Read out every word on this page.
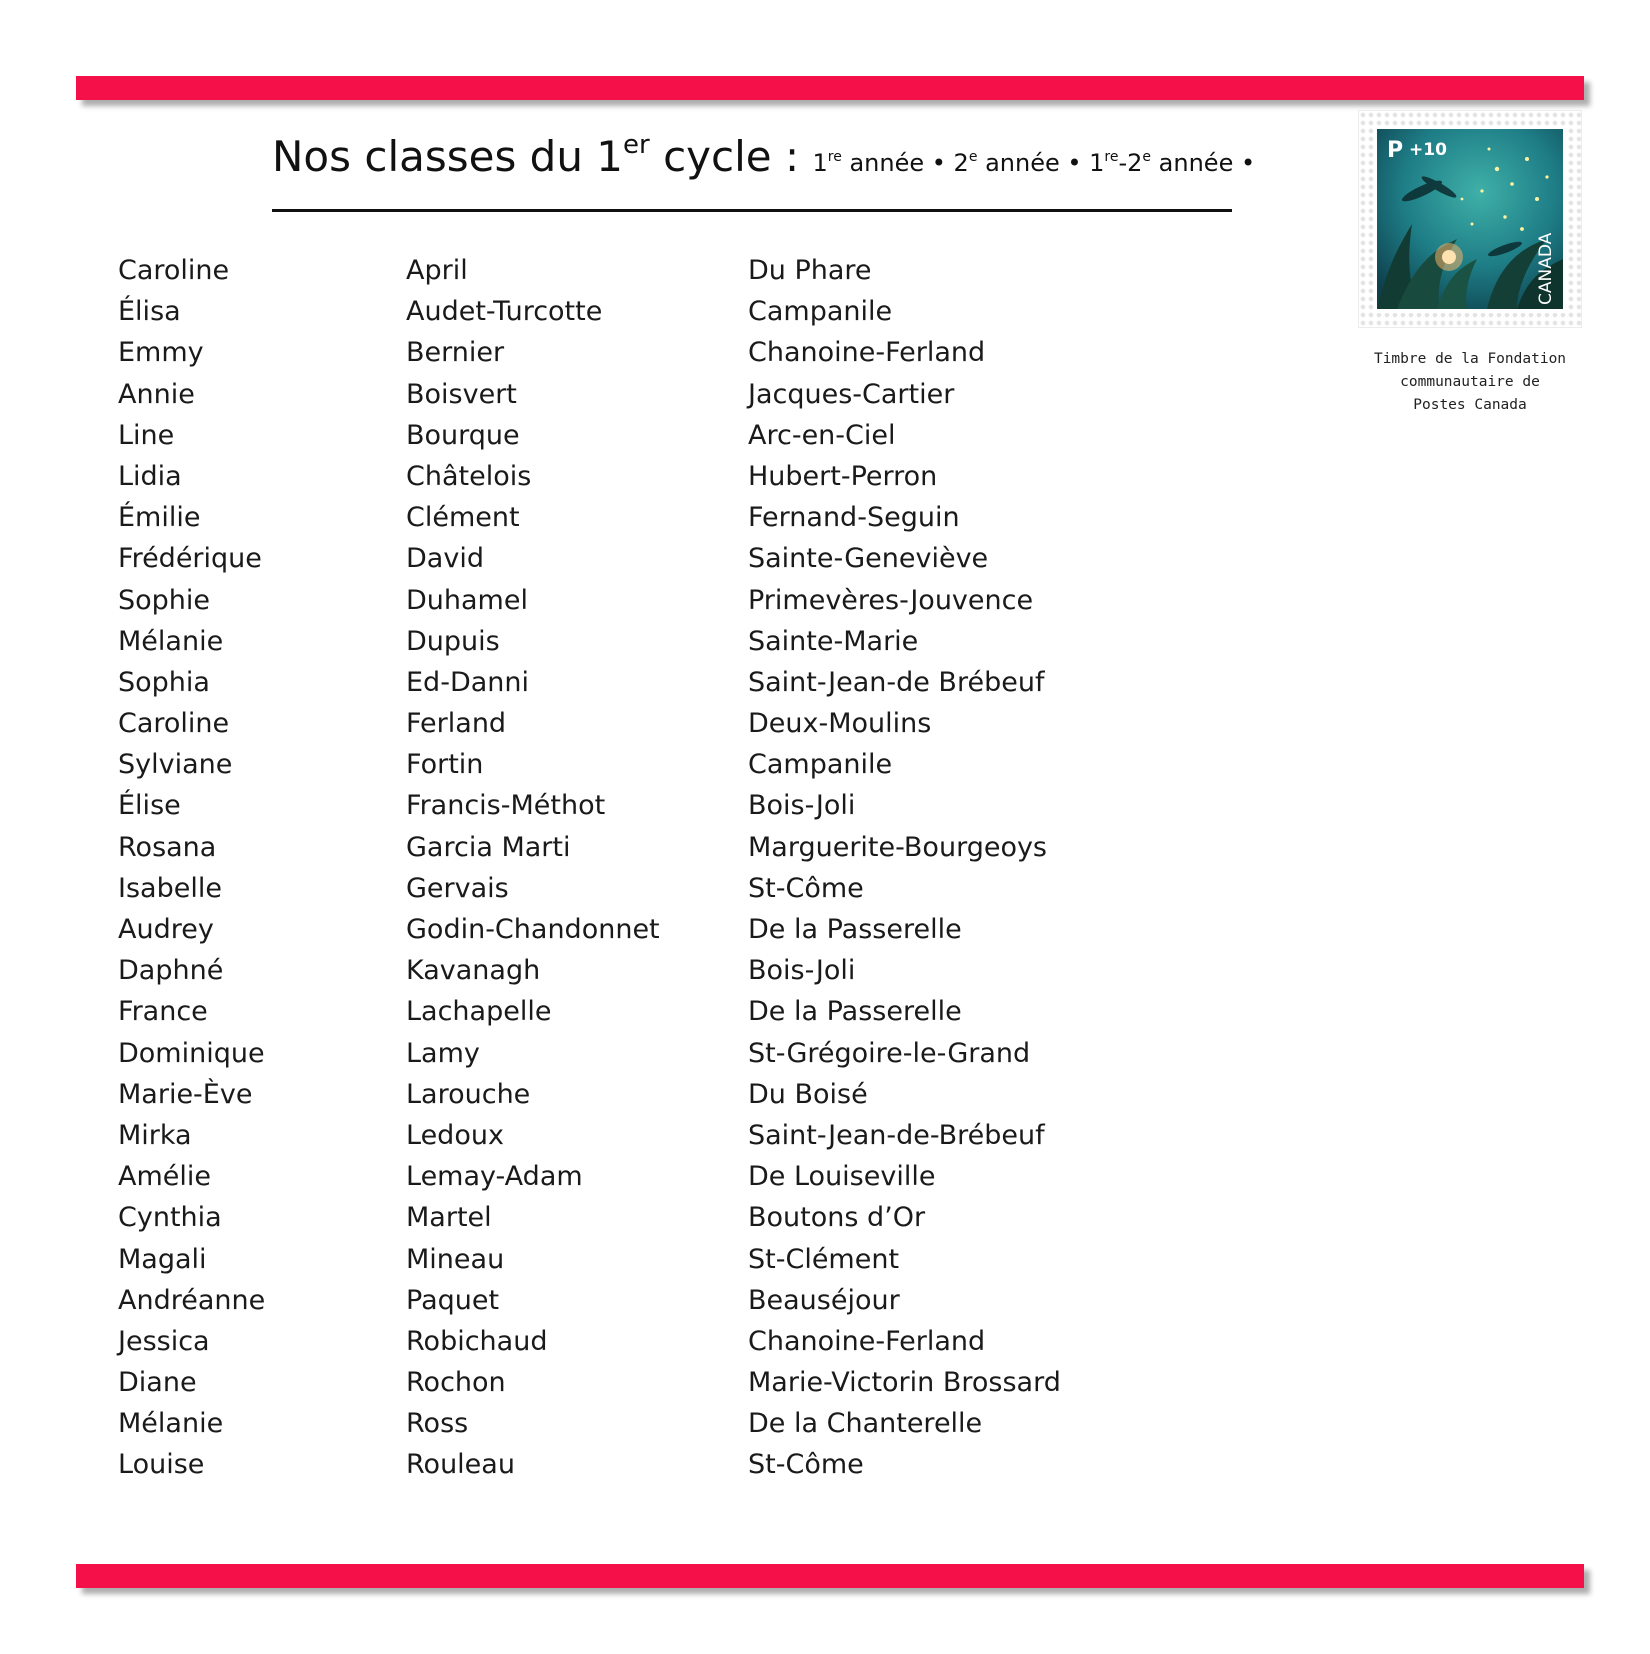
Nos classes du 1er cycle : 1re année • 2e année • 1re-2e année •
Caroline
Élisa
Emmy
Annie
Line
Lidia
Émilie
Frédérique
Sophie
Mélanie
Sophia
Caroline
Sylviane
Élise
Rosana
Isabelle
Audrey
Daphné
France
Dominique
Marie-Ève
Mirka
Amélie
Cynthia
Magali
Andréanne
Jessica
Diane
Mélanie
Louise
April
Audet-Turcotte
Bernier
Boisvert
Bourque
Châtelois
Clément
David
Duhamel
Dupuis
Ed-Danni
Ferland
Fortin
Francis-Méthot
Garcia Marti
Gervais
Godin-Chandonnet
Kavanagh
Lachapelle
Lamy
Larouche
Ledoux
Lemay-Adam
Martel
Mineau
Paquet
Robichaud
Rochon
Ross
Rouleau
Du Phare
Campanile
Chanoine-Ferland
Jacques-Cartier
Arc-en-Ciel
Hubert-Perron
Fernand-Seguin
Sainte-Geneviève
Primevères-Jouvence
Sainte-Marie
Saint-Jean-de Brébeuf
Deux-Moulins
Campanile
Bois-Joli
Marguerite-Bourgeoys
St-Côme
De la Passerelle
Bois-Joli
De la Passerelle
St-Grégoire-le-Grand
Du Boisé
Saint-Jean-de-Brébeuf
De Louiseville
Boutons d’Or
St-Clément
Beauséjour
Chanoine-Ferland
Marie-Victorin Brossard
De la Chanterelle
St-Côme
P +10
CANADA
Timbre de la Fondation
communautaire de
Postes Canada
